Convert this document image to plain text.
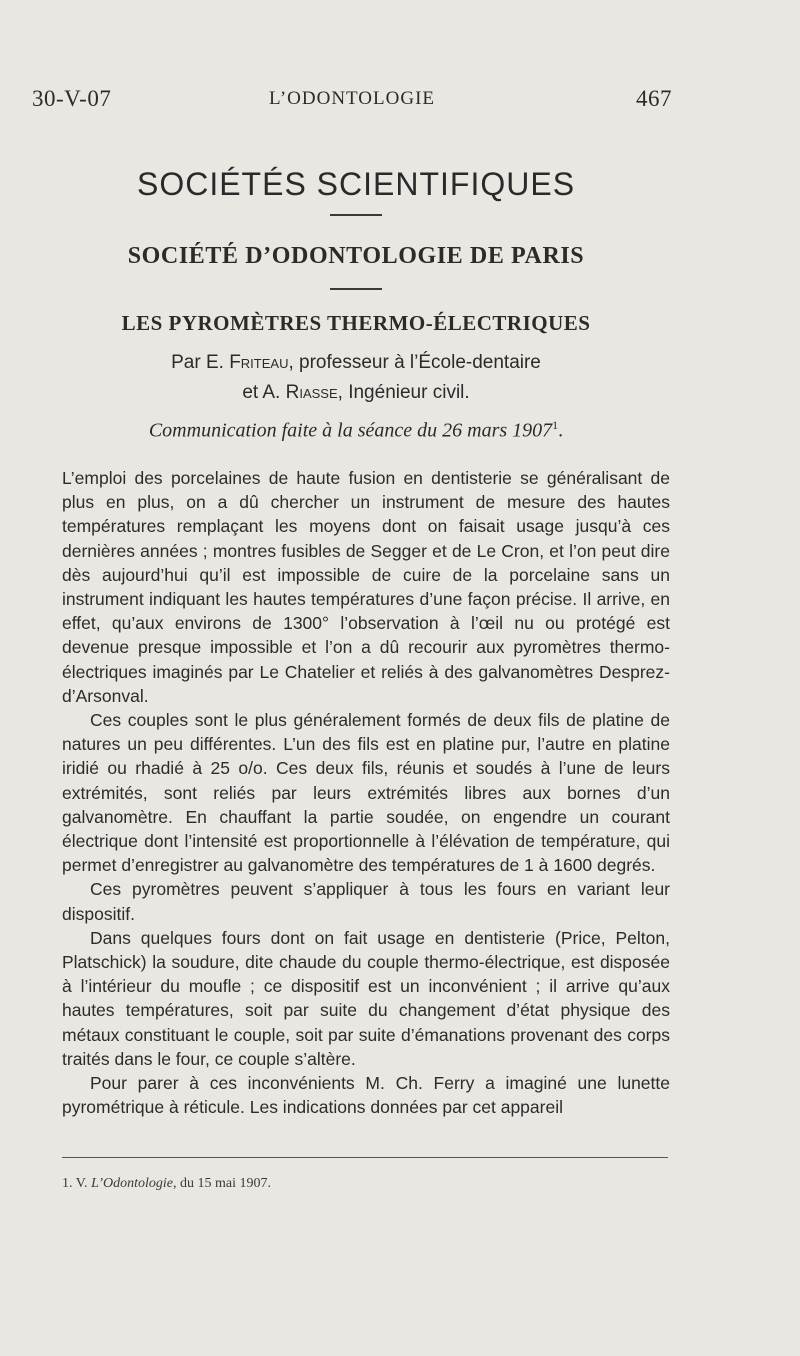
30-V-07	L’ODONTOLOGIE	467
SOCIÉTÉS SCIENTIFIQUES
SOCIÉTÉ D’ODONTOLOGIE DE PARIS
LES PYROMÈTRES THERMO-ÉLECTRIQUES
Par E. Friteau, professeur à l’École-dentaire
et A. Riasse, Ingénieur civil.
Communication faite à la séance du 26 mars 1907$^1$.

L’emploi des porcelaines de haute fusion en dentisterie se généralisant de plus en plus, on a dû chercher un instrument de mesure des hautes températures remplaçant les moyens dont on faisait usage jusqu’à ces dernières années ; montres fusibles de Segger et de Le Cron, et l’on peut dire dès aujourd’hui qu’il est impossible de cuire de la porcelaine sans un instrument indiquant les hautes températures d’une façon précise. Il arrive, en effet, qu’aux environs de 1300° l’observation à l’œil nu ou protégé est devenue presque impossible et l’on a dû recourir aux pyromètres thermo-électriques imaginés par Le Chatelier et reliés à des galvanomètres Desprez-d’Arsonval.

Ces couples sont le plus généralement formés de deux fils de platine de natures un peu différentes. L’un des fils est en platine pur, l’autre en platine iridié ou rhadié à 25 o/o. Ces deux fils, réunis et soudés à l’une de leurs extrémités, sont reliés par leurs extrémités libres aux bornes d’un galvanomètre. En chauffant la partie soudée, on engendre un courant électrique dont l’intensité est proportionnelle à l’élévation de température, qui permet d’enregistrer au galvanomètre des températures de 1 à 1600 degrés.

Ces pyromètres peuvent s’appliquer à tous les fours en variant leur dispositif.

Dans quelques fours dont on fait usage en dentisterie (Price, Pelton, Platschick) la soudure, dite chaude du couple thermo-électrique, est disposée à l’intérieur du moufle ; ce dispositif est un inconvénient ; il arrive qu’aux hautes températures, soit par suite du changement d’état physique des métaux constituant le couple, soit par suite d’émanations provenant des corps traités dans le four, ce couple s’altère.

Pour parer à ces inconvénients M. Ch. Ferry a imaginé une lunette pyrométrique à réticule. Les indications données par cet appareil

1. V. L’Odontologie, du 15 mai 1907.
